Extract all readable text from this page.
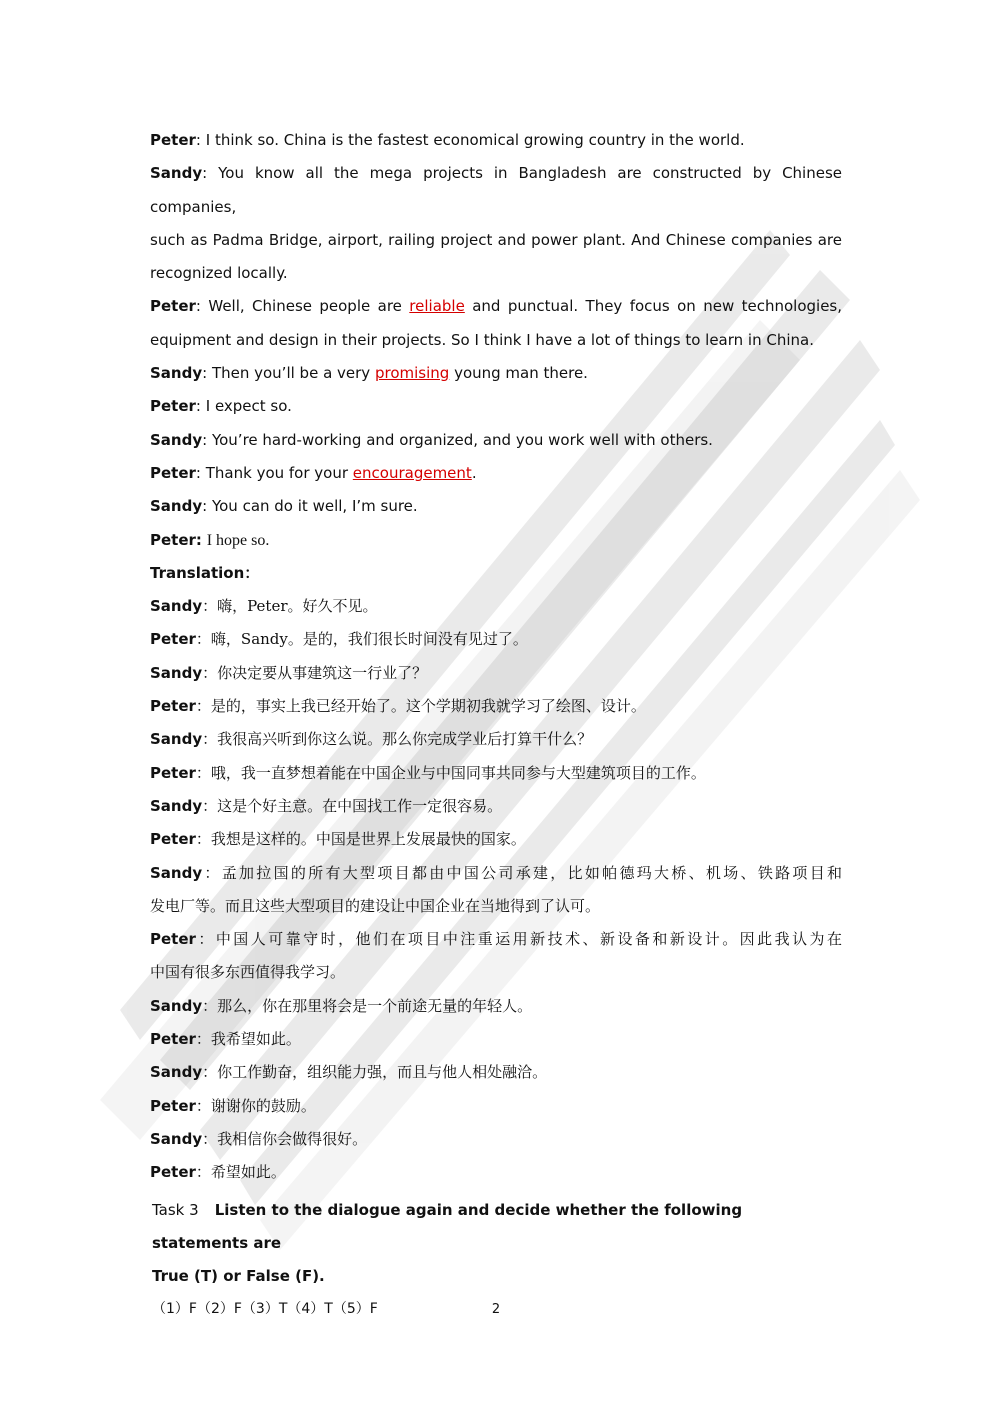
Peter: I think so. China is the fastest economical growing country in the world.
Sandy: You know all the mega projects in Bangladesh are constructed by Chinese companies,
such as Padma Bridge, airport, railing project and power plant. And Chinese companies are
recognized locally.
Peter: Well, Chinese people are reliable and punctual. They focus on new technologies,
equipment and design in their projects. So I think I have a lot of things to learn in China.
Sandy: Then you’ll be a very promising young man there.
Peter: I expect so.
Sandy: You’re hard-working and organized, and you work well with others.
Peter: Thank you for your encouragement.
Sandy: You can do it well, I’m sure.
Peter: I hope so.
Translation：
Sandy：嗨，Peter。好久不见。
Peter：嗨，Sandy。是的，我们很长时间没有见过了。
Sandy：你决定要从事建筑这一行业了？
Peter：是的，事实上我已经开始了。这个学期初我就学习了绘图、设计。
Sandy：我很高兴听到你这么说。那么你完成学业后打算干什么？
Peter：哦，我一直梦想着能在中国企业与中国同事共同参与大型建筑项目的工作。
Sandy：这是个好主意。在中国找工作一定很容易。
Peter：我想是这样的。中国是世界上发展最快的国家。
Sandy：孟加拉国的所有大型项目都由中国公司承建，比如帕德玛大桥、机场、铁路项目和
发电厂等。而且这些大型项目的建设让中国企业在当地得到了认可。
Peter：中国人可靠守时，他们在项目中注重运用新技术、新设备和新设计。因此我认为在
中国有很多东西值得我学习。
Sandy：那么，你在那里将会是一个前途无量的年轻人。
Peter：我希望如此。
Sandy：你工作勤奋，组织能力强，而且与他人相处融洽。
Peter：谢谢你的鼓励。
Sandy：我相信你会做得很好。
Peter：希望如此。
Task 3 Listen to the dialogue again and decide whether the following statements are
True (T) or False (F).
（1）F（2）F（3）T（4）T（5）F	2
